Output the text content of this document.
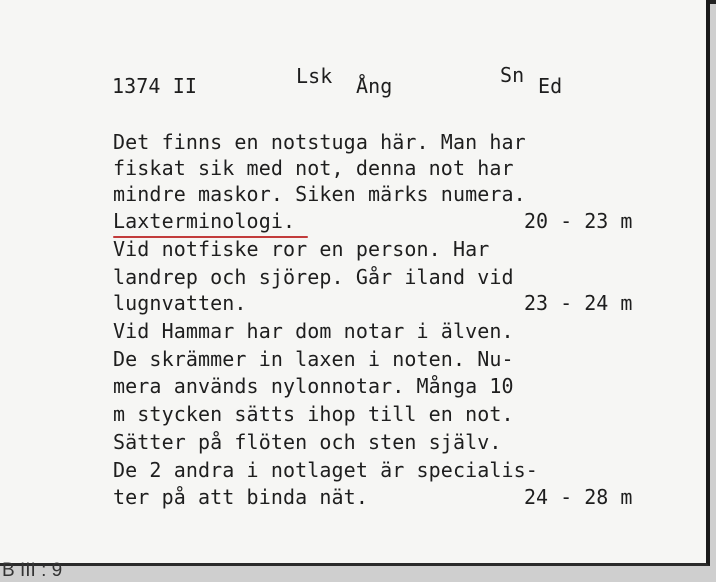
1374 II	Lsk Ång	Sn Ed
Det finns en notstuga här. Man har
fiskat sik med not, denna not har
mindre maskor. Siken märks numera.
Laxterminologi.
Vid notfiske ror en person. Har
landrep och sjörep. Går iland vid
lugnvatten.
Vid Hammar har dom notar i älven.
De skrämmer in laxen i noten. Nu-
mera används nylonnotar. Många 10
m stycken sätts ihop till en not.
Sätter på flöten och sten själv.
De 2 andra i notlaget är specialis-
ter på att binda nät.
20 - 23 m
23 - 24 m
24 - 28 m
B III : 9
